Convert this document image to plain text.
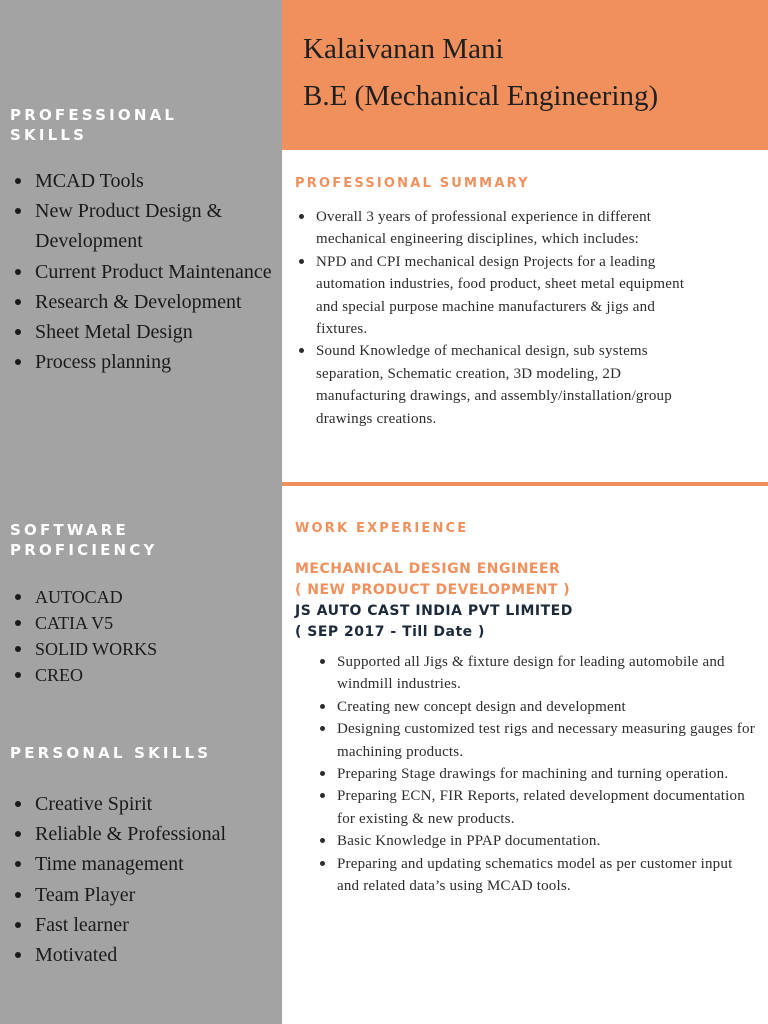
PROFESSIONAL
SKILLS
MCAD Tools
New Product Design & Development
Current Product Maintenance
Research & Development
Sheet Metal Design
Process planning
SOFTWARE
PROFICIENCY
AUTOCAD
CATIA V5
SOLID WORKS
CREO
PERSONAL SKILLS
Creative Spirit
Reliable & Professional
Time management
Team Player
Fast learner
Motivated
Kalaivanan Mani
B.E (Mechanical Engineering)
PROFESSIONAL SUMMARY
Overall 3 years of professional experience in different mechanical engineering disciplines, which includes:
NPD and CPI mechanical design Projects for a leading automation industries, food product, sheet metal equipment and special purpose machine manufacturers & jigs and fixtures.
Sound Knowledge of mechanical design, sub systems separation, Schematic creation, 3D modeling, 2D manufacturing drawings, and assembly/installation/group drawings creations.
WORK EXPERIENCE
MECHANICAL DESIGN ENGINEER
( NEW PRODUCT DEVELOPMENT )
JS AUTO CAST INDIA PVT LIMITED
( SEP 2017 - Till Date )
Supported all Jigs & fixture design for leading automobile and windmill industries.
Creating new concept design and development
Designing customized test rigs and necessary measuring gauges for machining products.
Preparing Stage drawings for machining and turning operation.
Preparing ECN, FIR Reports, related development documentation for existing & new products.
Basic Knowledge in PPAP documentation.
Preparing and updating schematics model as per customer input and related data’s using MCAD tools.
